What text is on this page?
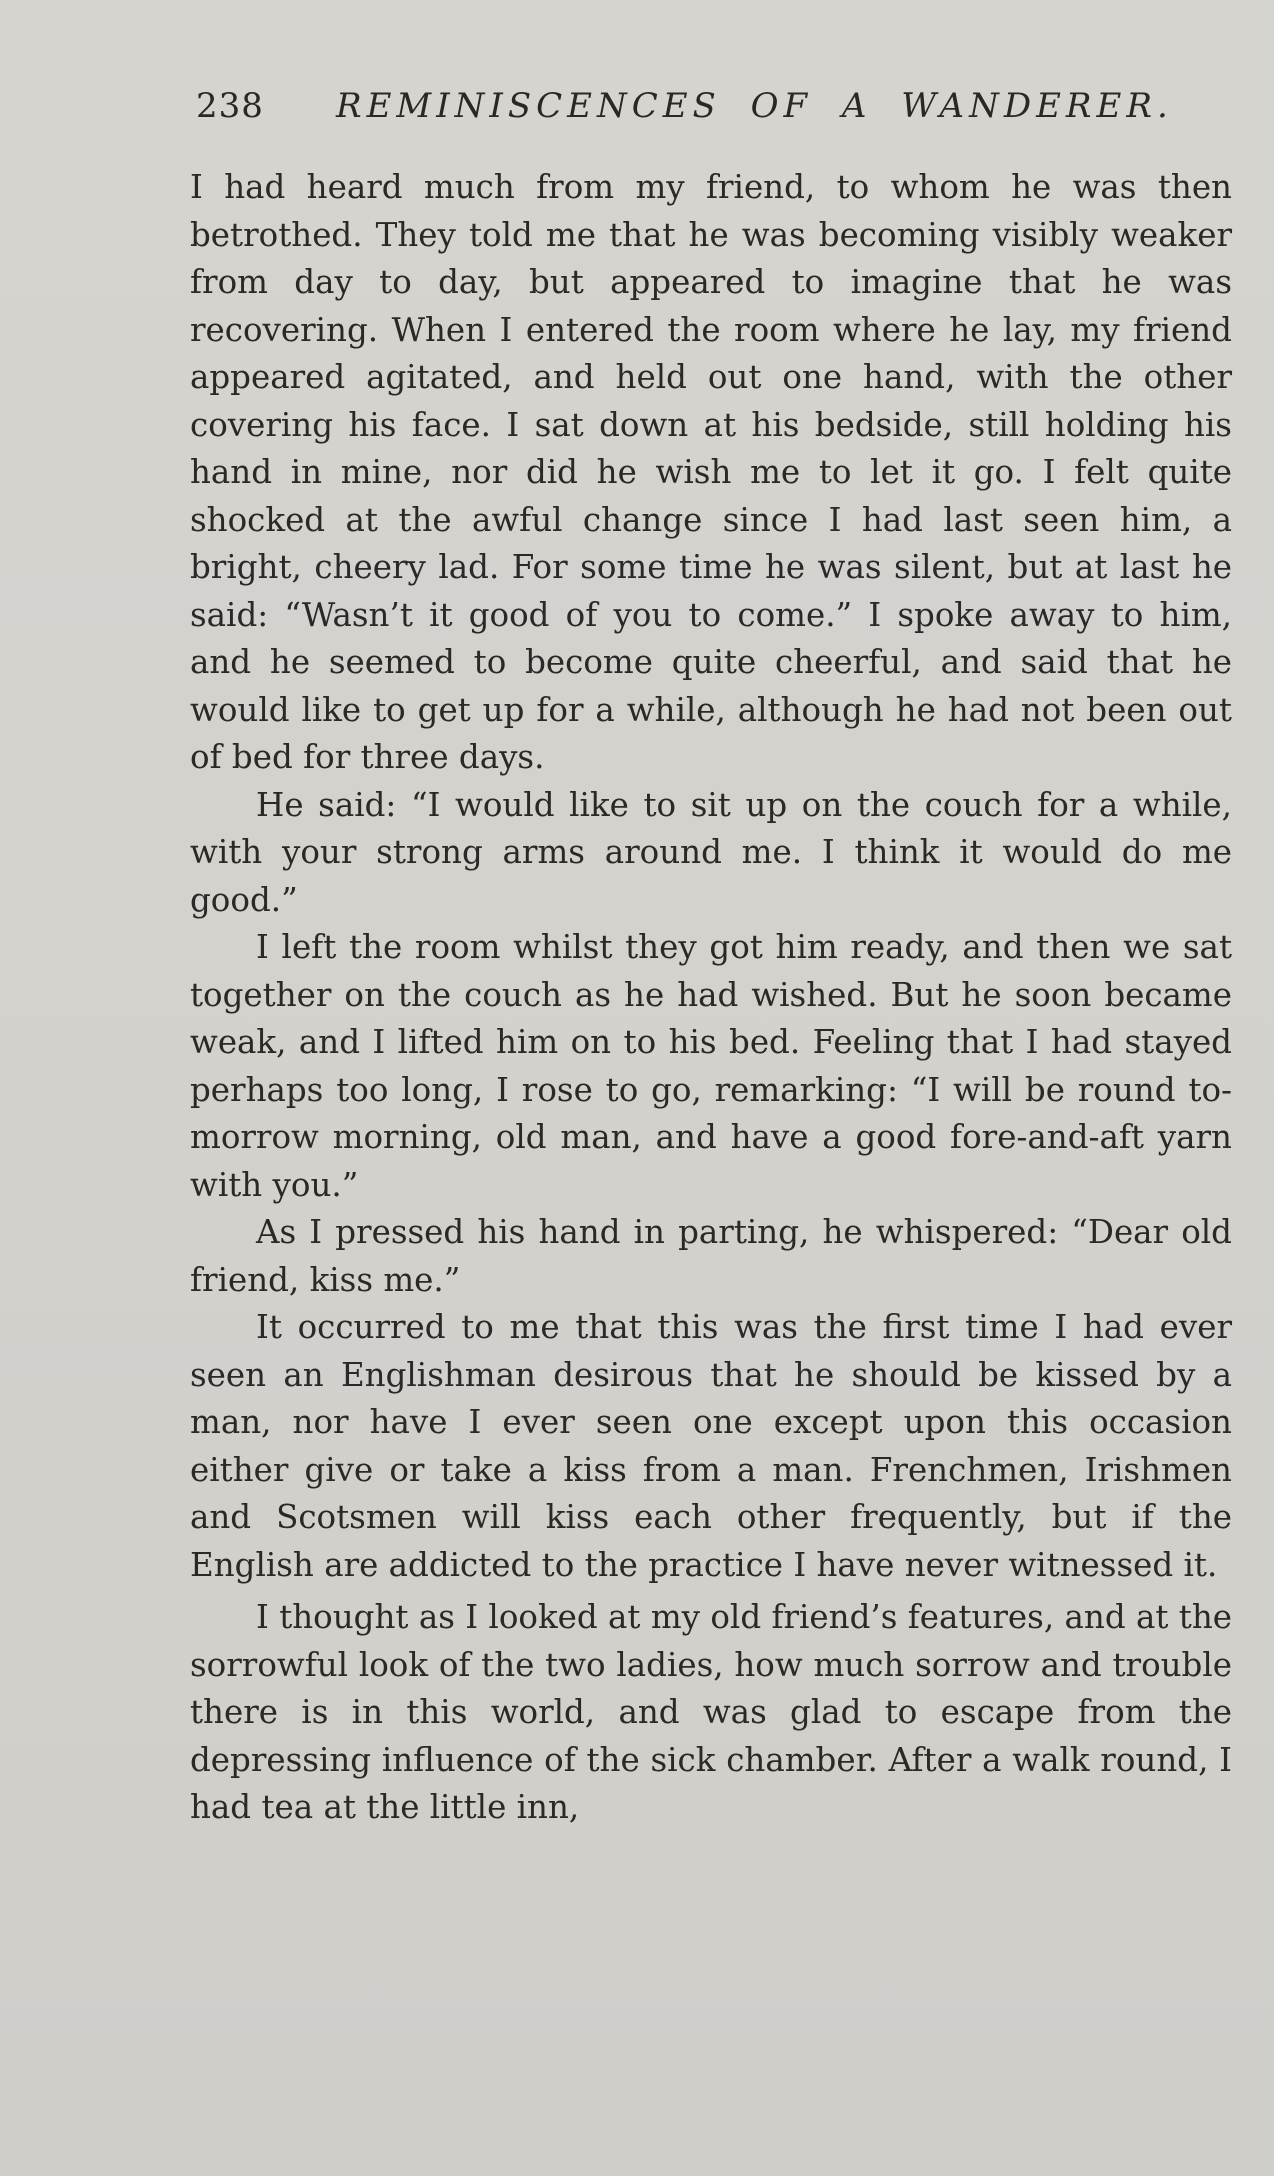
238 REMINISCENCES OF A WANDERER.

I had heard much from my friend, to whom he was then betrothed. They told me that he was becoming visibly weaker from day to day, but appeared to imagine that he was recovering. When I entered the room where he lay, my friend appeared agitated, and held out one hand, with the other covering his face. I sat down at his bedside, still holding his hand in mine, nor did he wish me to let it go. I felt quite shocked at the awful change since I had last seen him, a bright, cheery lad. For some time he was silent, but at last he said: “Wasn’t it good of you to come.” I spoke away to him, and he seemed to become quite cheerful, and said that he would like to get up for a while, although he had not been out of bed for three days.

He said: “I would like to sit up on the couch for a while, with your strong arms around me. I think it would do me good.”

I left the room whilst they got him ready, and then we sat together on the couch as he had wished. But he soon became weak, and I lifted him on to his bed. Feeling that I had stayed perhaps too long, I rose to go, remarking: “I will be round to-morrow morning, old man, and have a good fore-and-aft yarn with you.”

As I pressed his hand in parting, he whispered: “Dear old friend, kiss me.”

It occurred to me that this was the first time I had ever seen an Englishman desirous that he should be kissed by a man, nor have I ever seen one except upon this occasion either give or take a kiss from a man. Frenchmen, Irishmen and Scotsmen will kiss each other frequently, but if the English are addicted to the practice I have never witnessed it.

I thought as I looked at my old friend’s features, and at the sorrowful look of the two ladies, how much sorrow and trouble there is in this world, and was glad to escape from the depressing influence of the sick chamber. After a walk round, I had tea at the little inn,
